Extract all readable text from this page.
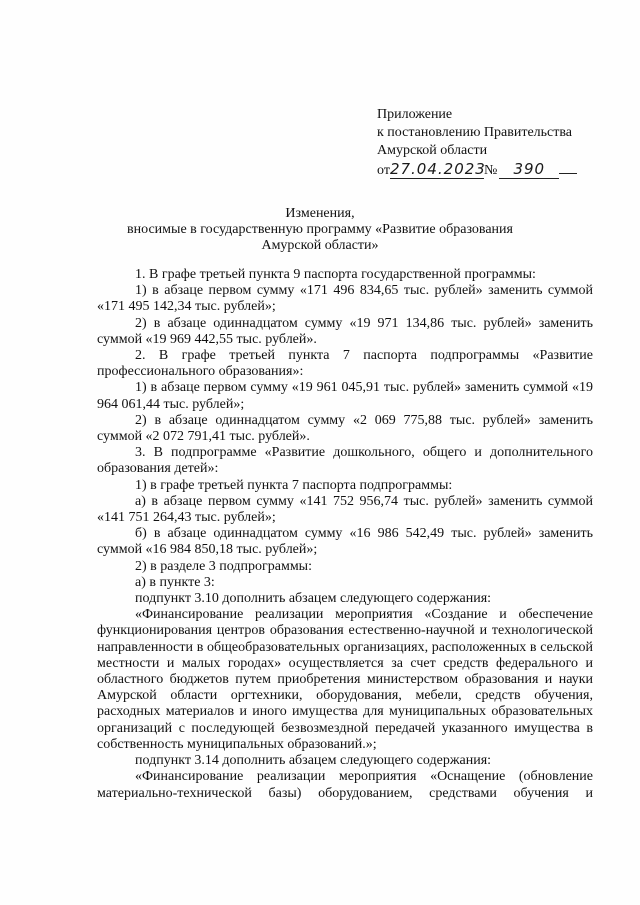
Приложение
к постановлению Правительства
Амурской области
от27.04.2023№ 390
Изменения,
вносимые в государственную программу «Развитие образования
Амурской области»

1. В графе третьей пункта 9 паспорта государственной программы:

1) в абзаце первом сумму «171 496 834,65 тыс. рублей» заменить суммой «171 495 142,34 тыс. рублей»;

2) в абзаце одиннадцатом сумму «19 971 134,86 тыс. рублей» заменить суммой «19 969 442,55 тыс. рублей».

2. В графе третьей пункта 7 паспорта подпрограммы «Развитие профессионального образования»:

1) в абзаце первом сумму «19 961 045,91 тыс. рублей» заменить суммой «19 964 061,44 тыс. рублей»;

2) в абзаце одиннадцатом сумму «2 069 775,88 тыс. рублей» заменить суммой «2 072 791,41 тыс. рублей».

3. В подпрограмме «Развитие дошкольного, общего и дополнительного образования детей»:

1) в графе третьей пункта 7 паспорта подпрограммы:

а) в абзаце первом сумму «141 752 956,74 тыс. рублей» заменить суммой «141 751 264,43 тыс. рублей»;

б) в абзаце одиннадцатом сумму «16 986 542,49 тыс. рублей» заменить суммой «16 984 850,18 тыс. рублей»;

2) в разделе 3 подпрограммы:

а) в пункте 3:

подпункт 3.10 дополнить абзацем следующего содержания:

«Финансирование реализации мероприятия «Создание и обеспечение функционирования центров образования естественно-научной и технологической направленности в общеобразовательных организациях, расположенных в сельской местности и малых городах» осуществляется за счет средств федерального и областного бюджетов путем приобретения министерством образования и науки Амурской области оргтехники, оборудования, мебели, средств обучения, расходных материалов и иного имущества для муниципальных образовательных организаций с последующей безвозмездной передачей указанного имущества в собственность муниципальных образований.»;

подпункт 3.14 дополнить абзацем следующего содержания:

«Финансирование реализации мероприятия «Оснащение (обновление материально-технической базы) оборудованием, средствами обучения и
